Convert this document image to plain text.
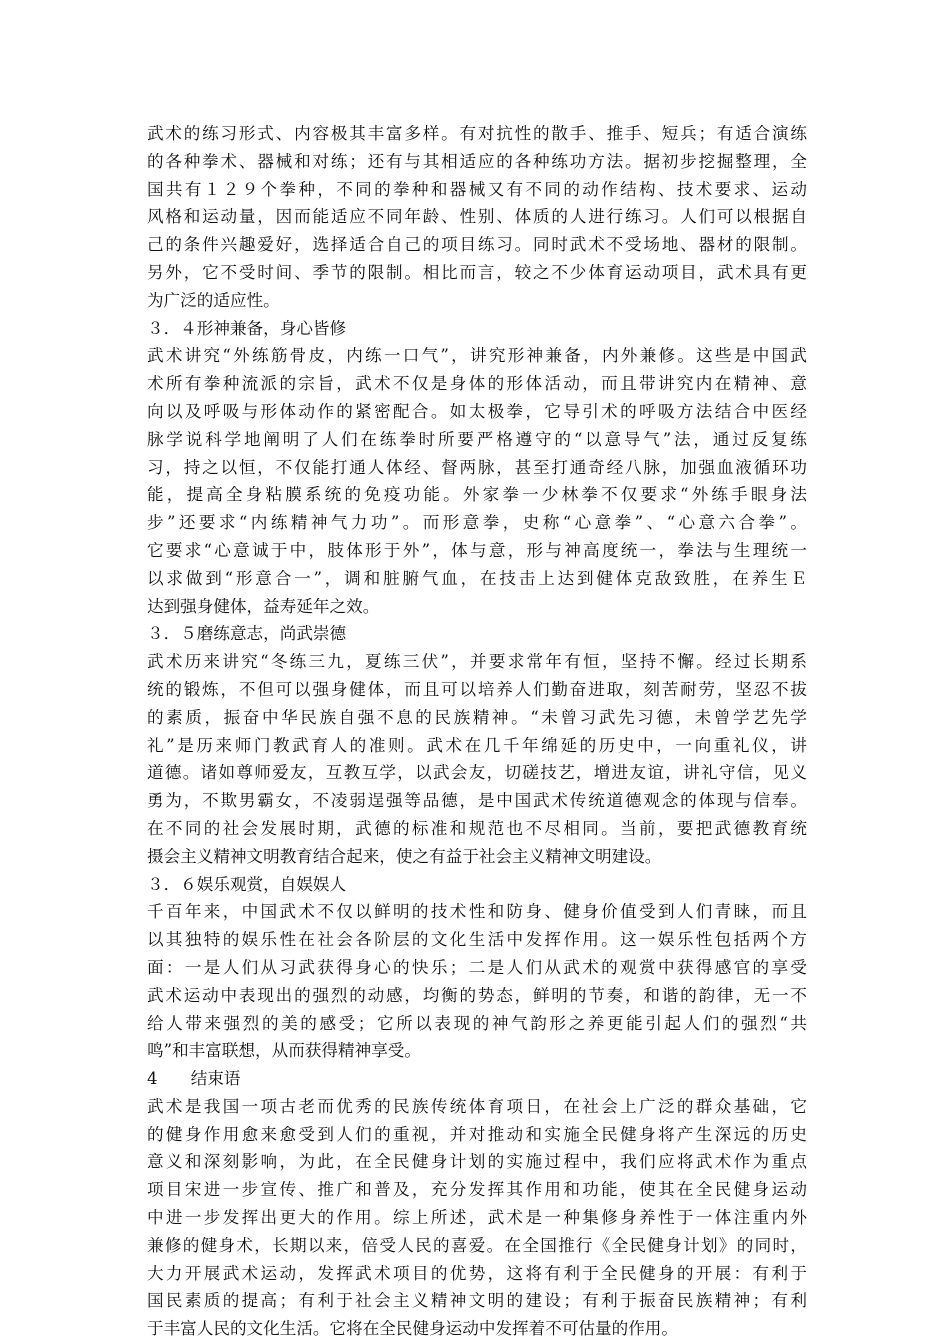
武术的练习形式、内容极其丰富多样。有对抗性的散手、推手、短兵；有适合演练
的各种拳术、器械和对练；还有与其相适应的各种练功方法。据初步挖掘整理，全
国共有１２９个拳种，不同的拳种和器械又有不同的动作结构、技术要求、运动
风格和运动量，因而能适应不同年龄、性别、体质的人进行练习。人们可以根据自
己的条件兴趣爱好，选择适合自己的项目练习。同时武术不受场地、器材的限制。
另外，它不受时间、季节的限制。相比而言，较之不少体育运动项目，武术具有更
为广泛的适应性。
３．４形神兼备，身心皆修
武术讲究“外练筋骨皮，内练一口气”，讲究形神兼备，内外兼修。这些是中国武
术所有拳种流派的宗旨，武术不仅是身体的形体活动，而且带讲究内在精神、意
向以及呼吸与形体动作的紧密配合。如太极拳，它导引术的呼吸方法结合中医经
脉学说科学地阐明了人们在练拳时所要严格遵守的“以意导气”法，通过反复练
习，持之以恒，不仅能打通人体经、督两脉，甚至打通奇经八脉，加强血液循环功
能，提高全身粘膜系统的免疫功能。外家拳一少林拳不仅要求“外练手眼身法
步”还要求“内练精神气力功”。而形意拳，史称“心意拳”、“心意六合拳”。
它要求“心意诚于中，肢体形于外”，体与意，形与神高度统一，拳法与生理统一
以求做到“形意合一”，调和脏腑气血，在技击上达到健体克敌致胜，在养生Ｅ
达到强身健体，益寿延年之效。
３．５磨练意志，尚武崇德
武术历来讲究“冬练三九，夏练三伏”，并要求常年有恒，坚持不懈。经过长期系
统的锻炼，不但可以强身健体，而且可以培养人们勤奋进取，刻苦耐劳，坚忍不拔
的素质，振奋中华民族自强不息的民族精神。“未曾习武先习德，未曾学艺先学
礼”是历来师门教武育人的准则。武术在几千年绵延的历史中，一向重礼仪，讲
道德。诸如尊师爱友，互教互学，以武会友，切磋技艺，增进友谊，讲礼守信，见义
勇为，不欺男霸女，不凌弱逞强等品德，是中国武术传统道德观念的体现与信奉。
在不同的社会发展时期，武德的标准和规范也不尽相同。当前，要把武德教育统
摄会主义精神文明教育结合起来，使之有益于社会主义精神文明建设。
３．６娱乐观赏，自娱娱人
千百年来，中国武术不仅以鲜明的技术性和防身、健身价值受到人们青睐，而且
以其独特的娱乐性在社会各阶层的文化生活中发挥作用。这一娱乐性包括两个方
面：一是人们从习武获得身心的快乐；二是人们从武术的观赏中获得感官的享受
武术运动中表现出的强烈的动感，均衡的势态，鲜明的节奏，和谐的韵律，无一不
给人带来强烈的美的感受；它所以表现的神气韵形之养更能引起人们的强烈“共
鸣”和丰富联想，从而获得精神享受。
4　　结束语
武术是我国一项古老而优秀的民族传统体育项日，在社会上广泛的群众基础，它
的健身作用愈来愈受到人们的重视，并对推动和实施全民健身将产生深远的历史
意义和深刻影响，为此，在全民健身计划的实施过程中，我们应将武术作为重点
项目宋进一步宣传、推广和普及，充分发挥其作用和功能，使其在全民健身运动
中进一步发挥出更大的作用。综上所述，武术是一种集修身养性于一体注重内外
兼修的健身术，长期以来，倍受人民的喜爱。在全国推行《全民健身计划》的同时，
大力开展武术运动，发挥武术项目的优势，这将有利于全民健身的开展：有利于
国民素质的提高；有利于社会主义精神文明的建设；有利于振奋民族精神；有利
于丰富人民的文化生活。它将在全民健身运动中发挥着不可估量的作用。
